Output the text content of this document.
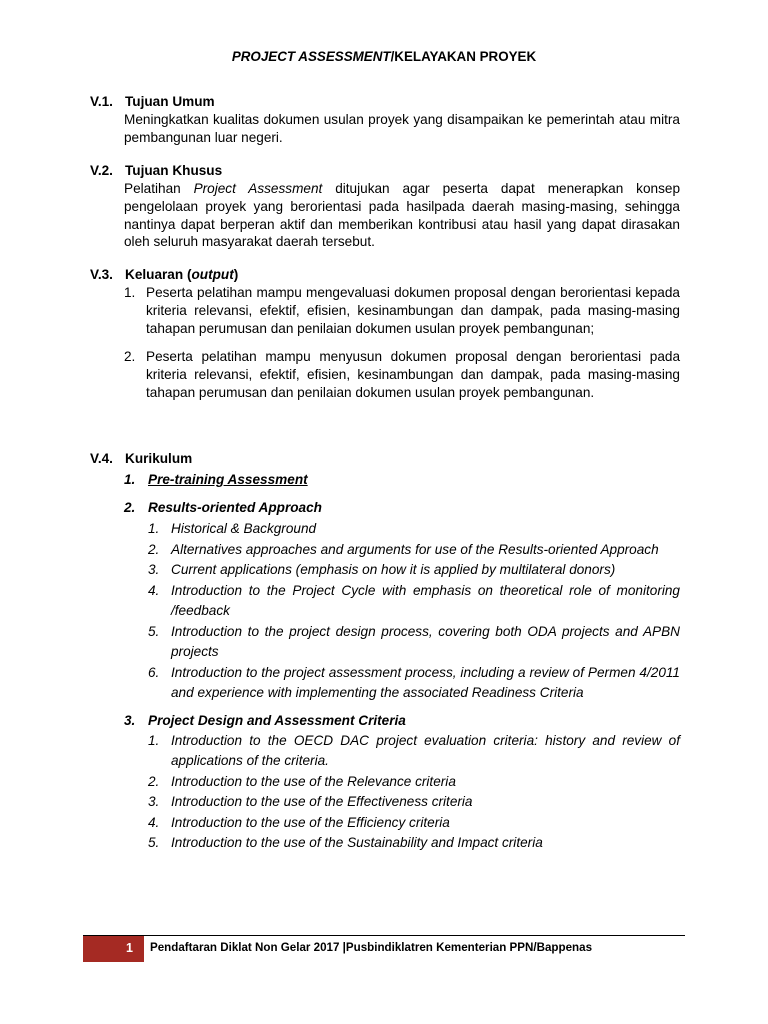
PROJECT ASSESSMENT/KELAYAKAN PROYEK
V.1. Tujuan Umum
Meningkatkan kualitas dokumen usulan proyek yang disampaikan ke pemerintah atau mitra pembangunan luar negeri.
V.2. Tujuan Khusus
Pelatihan Project Assessment ditujukan agar peserta dapat menerapkan konsep pengelolaan proyek yang berorientasi pada hasilpada daerah masing-masing, sehingga nantinya dapat berperan aktif dan memberikan kontribusi atau hasil yang dapat dirasakan oleh seluruh masyarakat daerah tersebut.
V.3. Keluaran (output)
1. Peserta pelatihan mampu mengevaluasi dokumen proposal dengan berorientasi kepada kriteria relevansi, efektif, efisien, kesinambungan dan dampak, pada masing-masing tahapan perumusan dan penilaian dokumen usulan proyek pembangunan;
2. Peserta pelatihan mampu menyusun dokumen proposal dengan berorientasi pada kriteria relevansi, efektif, efisien, kesinambungan dan dampak, pada masing-masing tahapan perumusan dan penilaian dokumen usulan proyek pembangunan.
V.4. Kurikulum
1. Pre-training Assessment
2. Results-oriented Approach
1. Historical & Background
2. Alternatives approaches and arguments for use of the Results-oriented Approach
3. Current applications (emphasis on how it is applied by multilateral donors)
4. Introduction to the Project Cycle with emphasis on theoretical role of monitoring /feedback
5. Introduction to the project design process, covering both ODA projects and APBN projects
6. Introduction to the project assessment process, including a review of Permen 4/2011 and experience with implementing the associated Readiness Criteria
3. Project Design and Assessment Criteria
1. Introduction to the OECD DAC project evaluation criteria: history and review of applications of the criteria.
2. Introduction to the use of the Relevance criteria
3. Introduction to the use of the Effectiveness criteria
4. Introduction to the use of the Efficiency criteria
5. Introduction to the use of the Sustainability and Impact criteria
1	Pendaftaran Diklat Non Gelar 2017 |Pusbindiklatren Kementerian PPN/Bappenas
